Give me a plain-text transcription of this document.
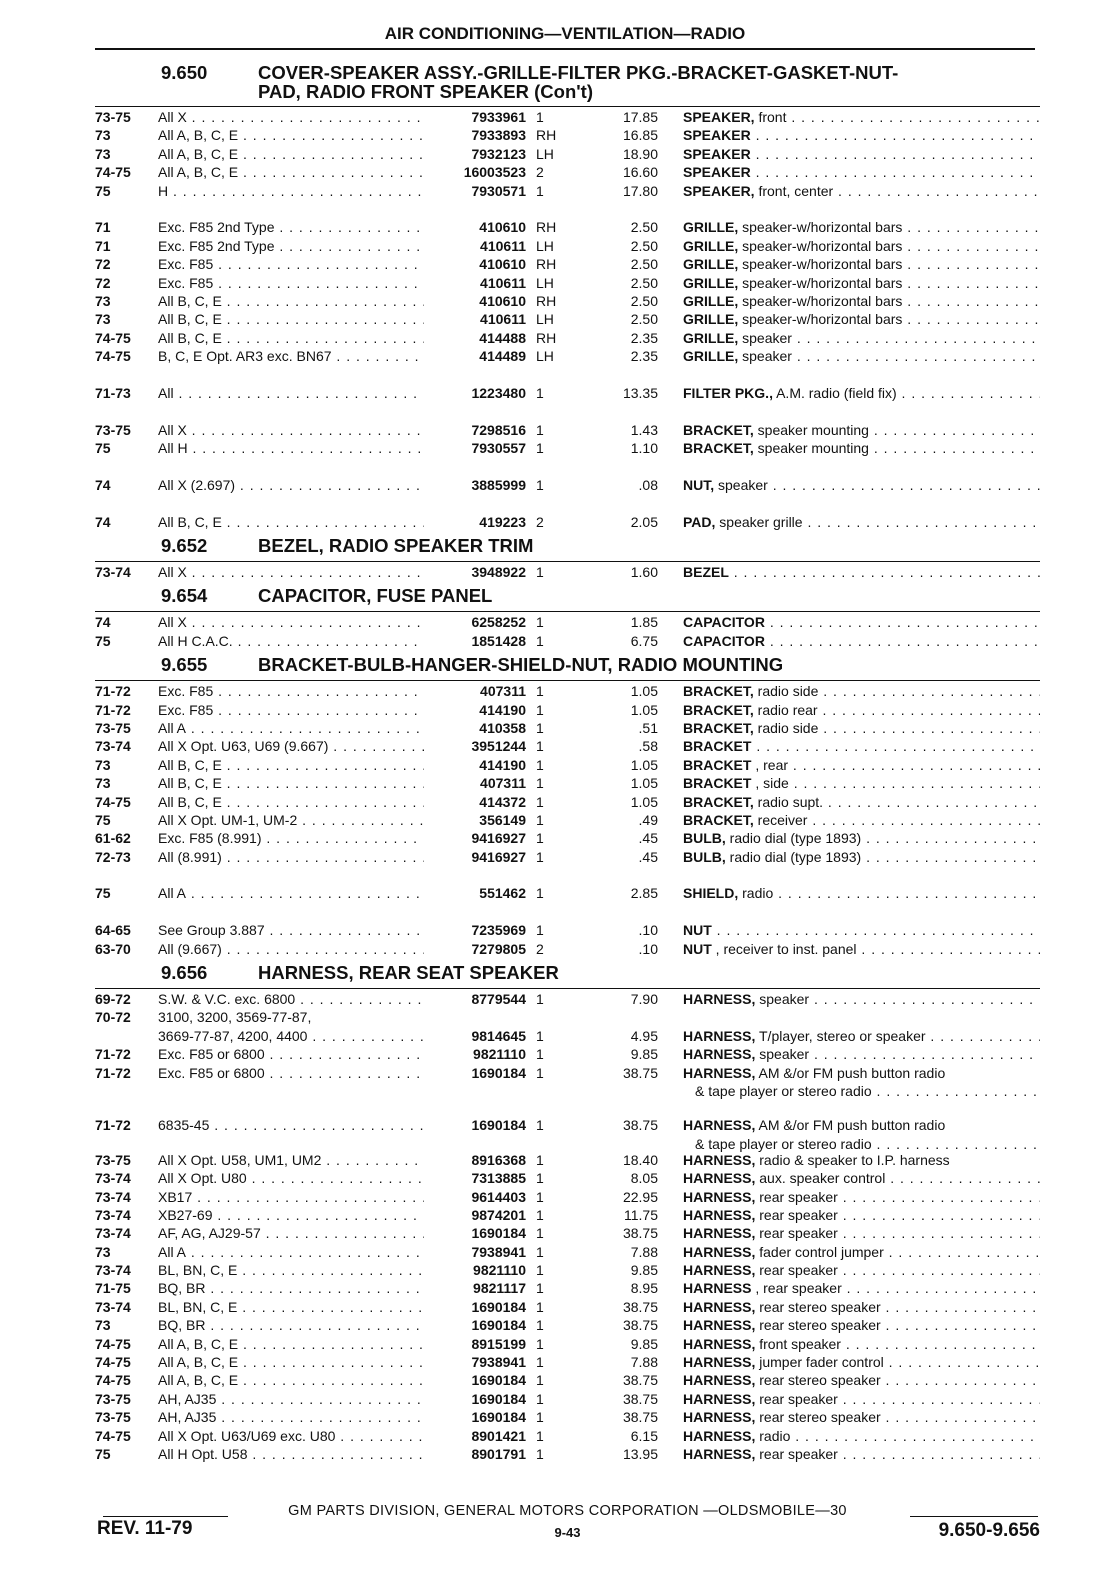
AIR CONDITIONING—VENTILATION—RADIO
9.650	COVER-SPEAKER ASSY.-GRILLE-FILTER PKG.-BRACKET-GASKET-NUT-
PAD, RADIO FRONT SPEAKER (Con't)
73-75 All X . . .	7933961 1	17.85 SPEAKER, front . . .
73	All A, B, C, E . . .	7933893 RH	16.85 SPEAKER . . .
73	All A, B, C, E . . .	7932123 LH	18.90 SPEAKER . . .
74-75 All A, B, C, E . . .	16003523 2	16.60 SPEAKER . . .
75	H . . .	7930571 1	17.80 SPEAKER, front, center . . .
71	Exc. F85 2nd Type . . .	410610 RH	2.50 GRILLE, speaker-w/horizontal bars . . .
71	Exc. F85 2nd Type . . .	410611 LH	2.50 GRILLE, speaker-w/horizontal bars . . .
72	Exc. F85 . . .	410610 RH	2.50 GRILLE, speaker-w/horizontal bars . . .
72	Exc. F85 . . .	410611 LH	2.50 GRILLE, speaker-w/horizontal bars . . .
73	All B, C, E . . .	410610 RH	2.50 GRILLE, speaker-w/horizontal bars . . .
73	All B, C, E . . .	410611 LH	2.50 GRILLE, speaker-w/horizontal bars . . .
74-75 All B, C, E . . .	414488 RH	2.35 GRILLE, speaker . . .
74-75 B, C, E Opt. AR3 exc. BN67 . . .	414489 LH	2.35 GRILLE, speaker . . .
71-73 All . . .	1223480 1	13.35 FILTER PKG., A.M. radio (field fix) . . .
73-75 All X . . .	7298516 1	1.43 BRACKET, speaker mounting . . .
75	All H . . .	7930557 1	1.10 BRACKET, speaker mounting . . .
74	All X (2.697) . . .	3885999 1	.08 NUT, speaker . . .
74	All B, C, E . . .	419223 2	2.05 PAD, speaker grille . . .
9.652	BEZEL, RADIO SPEAKER TRIM
73-74 All X . . .	3948922 1	1.60 BEZEL . . .
9.654	CAPACITOR, FUSE PANEL
74	All X . . .	6258252 1	1.85 CAPACITOR . . .
75	All H C.A.C. . . .	1851428 1	6.75 CAPACITOR . . .
9.655	BRACKET-BULB-HANGER-SHIELD-NUT, RADIO MOUNTING
71-72 Exc. F85 . . .	407311 1	1.05 BRACKET, radio side . . .
71-72 Exc. F85 . . .	414190 1	1.05 BRACKET, radio rear . . .
73-75 All A . . .	410358 1	.51 BRACKET, radio side . . .
73-74 All X Opt. U63, U69 (9.667) . . .	3951244 1	.58 BRACKET . . .
73	All B, C, E . . .	414190 1	1.05 BRACKET , rear . . .
73	All B, C, E . . .	407311 1	1.05 BRACKET , side . . .
74-75 All B, C, E . . .	414372 1	1.05 BRACKET, radio supt. . . .
75	All X Opt. UM-1, UM-2 . . .	356149 1	.49 BRACKET, receiver . . .
61-62 Exc. F85 (8.991) . . .	9416927 1	.45 BULB, radio dial (type 1893) . . .
72-73 All (8.991) . . .	9416927 1	.45 BULB, radio dial (type 1893) . . .
75	All A . . .	551462 1	2.85 SHIELD, radio . . .
64-65 See Group 3.887 . . .	7235969 1	.10 NUT . . .
63-70 All (9.667) . . .	7279805 2	.10 NUT , receiver to inst. panel . . .
9.656	HARNESS, REAR SEAT SPEAKER
69-72 S.W. & V.C. exc. 6800 . . .	8779544 1	7.90 HARNESS, speaker . . .
70-72 3100, 3200, 3569-77-87,
3669-77-87, 4200, 4400 . . .	9814645 1	4.95 HARNESS, T/player, stereo or speaker . . .
71-72 Exc. F85 or 6800 . . .	9821110 1	9.85 HARNESS, speaker . . .
71-72 Exc. F85 or 6800 . . .	1690184 1	38.75 HARNESS, AM &/or FM push button radio
& tape player or stereo radio . . .
71-72 6835-45 . . .	1690184 1	38.75 HARNESS, AM &/or FM push button radio
& tape player or stereo radio . . .
73-75 All X Opt. U58, UM1, UM2 . . .	8916368 1	18.40 HARNESS, radio & speaker to I.P. harness
73-74 All X Opt. U80 . . .	7313885 1	8.05 HARNESS, aux. speaker control . . .
73-74 XB17 . . .	9614403 1	22.95 HARNESS, rear speaker . . .
73-74 XB27-69 . . .	9874201 1	11.75 HARNESS, rear speaker . . .
73-74 AF, AG, AJ29-57 . . .	1690184 1	38.75 HARNESS, rear speaker . . .
73	All A . . .	7938941 1	7.88 HARNESS, fader control jumper . . .
73-74 BL, BN, C, E . . .	9821110 1	9.85 HARNESS, rear speaker . . .
71-75 BQ, BR . . .	9821117 1	8.95 HARNESS , rear speaker . . .
73-74 BL, BN, C, E . . .	1690184 1	38.75 HARNESS, rear stereo speaker . . .
73	BQ, BR . . .	1690184 1	38.75 HARNESS, rear stereo speaker . . .
74-75 All A, B, C, E . . .	8915199 1	9.85 HARNESS, front speaker . . .
74-75 All A, B, C, E . . .	7938941 1	7.88 HARNESS, jumper fader control . . .
74-75 All A, B, C, E . . .	1690184 1	38.75 HARNESS, rear stereo speaker . . .
73-75 AH, AJ35 . . .	1690184 1	38.75 HARNESS, rear speaker . . .
73-75 AH, AJ35 . . .	1690184 1	38.75 HARNESS, rear stereo speaker . . .
74-75 All X Opt. U63/U69 exc. U80 . . .	8901421 1	6.15 HARNESS, radio . . .
75	All H Opt. U58 . . .	8901791 1	13.95 HARNESS, rear speaker . . .
GM PARTS DIVISION, GENERAL MOTORS CORPORATION —OLDSMOBILE—30
REV. 11-79	9-43	9.650-9.656
